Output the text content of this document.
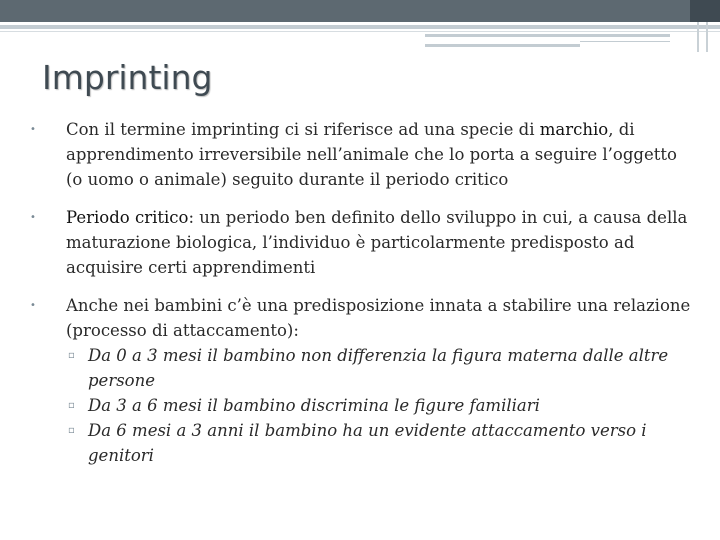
Imprinting
• Con il termine imprinting ci si riferisce ad una specie di marchio, di apprendimento irreversibile nell’animale che lo porta a seguire l’oggetto (o uomo o animale) seguito durante il periodo critico
• Periodo critico: un periodo ben definito dello sviluppo in cui, a causa della maturazione biologica, l’individuo è particolarmente predisposto ad acquisire certi apprendimenti
• Anche nei bambini c’è una predisposizione innata a stabilire una relazione (processo di attaccamento):
▫ Da 0 a 3 mesi il bambino non differenzia la figura materna dalle altre persone
▫ Da 3 a 6 mesi il bambino discrimina le figure familiari
▫ Da 6 mesi a 3 anni il bambino ha un evidente attaccamento verso i genitori
